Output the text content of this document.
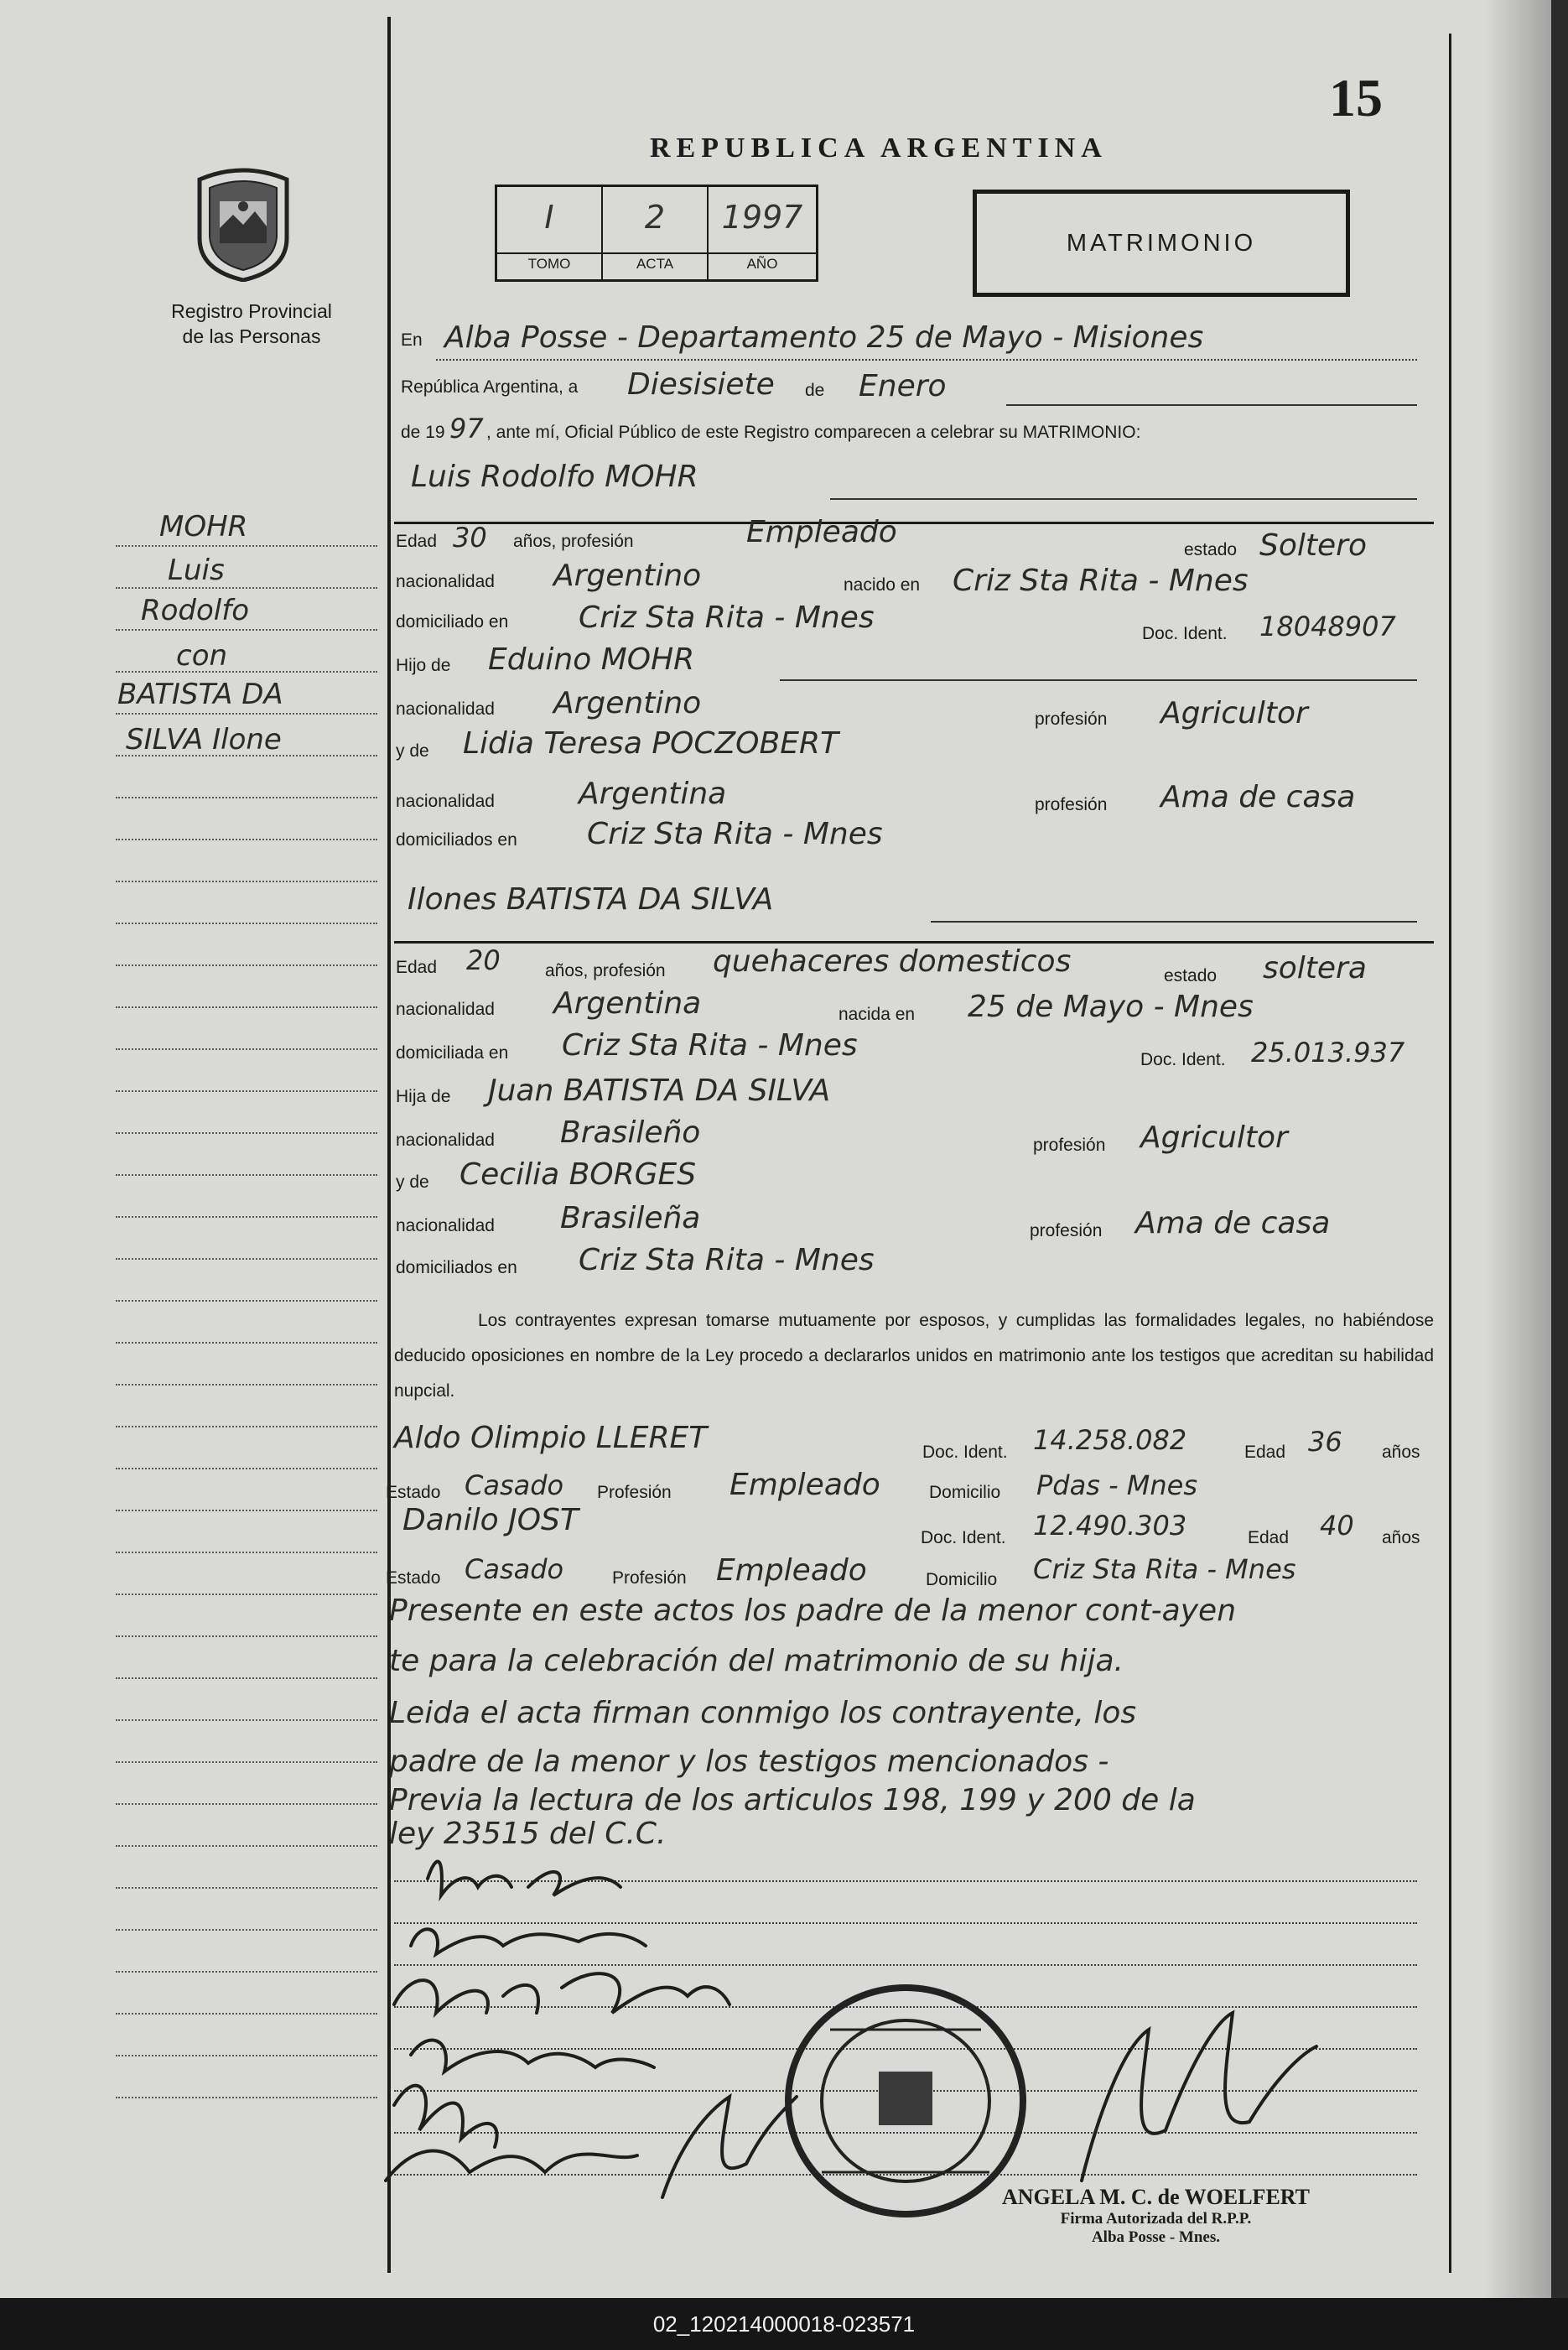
15
REPUBLICA ARGENTINA
Registro Provincial
de las Personas
I
TOMO
2
ACTA
1997
AÑO
MATRIMONIO
MOHR
Luis
Rodolfo
con
BATISTA DA
SILVA Ilone
En Alba Posse - Departamento 25 de Mayo - Misiones
República Argentina, a Diesisiete de Enero
de 19 97 , ante mí, Oficial Público de este Registro comparecen a celebrar su MATRIMONIO:
Luis Rodolfo MOHR
Edad 30 años, profesión	Empleado
estado Soltero
nacionalidad Argentino	nacido en Criz Sta Rita - Mnes
domiciliado en Criz Sta Rita - Mnes	Doc. Ident. 18048907
Hijo de Eduino MOHR
nacionalidad Argentino	profesión Agricultor
y de Lidia Teresa POCZOBERT
nacionalidad	Argentina	profesión Ama de casa
domiciliados en Criz Sta Rita - Mnes
Ilones BATISTA DA SILVA
Edad 20	años, profesión quehaceres domesticos	estado soltera
nacionalidad Argentina	nacida en 25 de Mayo - Mnes
domiciliada en Criz Sta Rita - Mnes	Doc. Ident. 25.013.937
Hija de Juan BATISTA DA SILVA
nacionalidad Brasileño	profesión Agricultor
y de Cecilia BORGES
nacionalidad Brasileña	profesión Ama de casa
domiciliados en Criz Sta Rita - Mnes
Los contrayentes expresan tomarse mutuamente por esposos, y cumplidas las formalidades legales, no habiéndose deducido oposiciones en nombre de la Ley procedo a declararlos unidos en matrimonio ante los testigos que acreditan su habilidad nupcial.
Aldo Olimpio LLERET	Doc. Ident. 14.258.082	Edad 36 años
Estado Casado Profesión Empleado	Domicilio Pdas - Mnes
Danilo JOST
Doc. Ident. 12.490.303	Edad 40 años
Estado Casado	Profesión Empleado	Domicilio Criz Sta Rita - Mnes
Presente en este actos los padre de la menor cont-ayen
te para la celebración del matrimonio de su hija.
Leida el acta firman conmigo los contrayente, los
padre de la menor y los testigos mencionados -
Previa la lectura de los articulos 198, 199 y 200 de la
ley 23515 del C.C.
ANGELA M. C. de WOELFERT
Firma Autorizada del R.P.P.
Alba Posse - Mnes.
02_120214000018-023571
